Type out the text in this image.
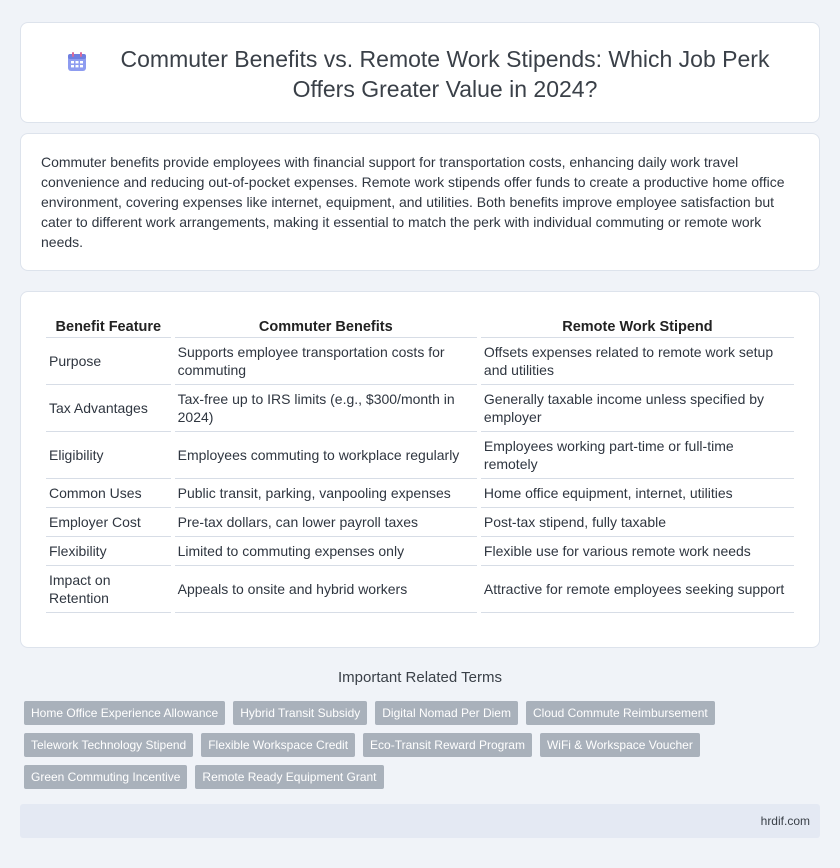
Commuter Benefits vs. Remote Work Stipends: Which Job Perk Offers Greater Value in 2024?

Commuter benefits provide employees with financial support for transportation costs, enhancing daily work travel convenience and reducing out-of-pocket expenses. Remote work stipends offer funds to create a productive home office environment, covering expenses like internet, equipment, and utilities. Both benefits improve employee satisfaction but cater to different work arrangements, making it essential to match the perk with individual commuting or remote work needs.

Benefit Feature	Commuter Benefits	Remote Work Stipend
Purpose	Supports employee transportation costs for commuting	Offsets expenses related to remote work setup and utilities
Tax Advantages	Tax-free up to IRS limits (e.g., $300/month in 2024)	Generally taxable income unless specified by employer
Eligibility	Employees commuting to workplace regularly	Employees working part-time or full-time remotely
Common Uses	Public transit, parking, vanpooling expenses	Home office equipment, internet, utilities
Employer Cost	Pre-tax dollars, can lower payroll taxes	Post-tax stipend, fully taxable
Flexibility	Limited to commuting expenses only	Flexible use for various remote work needs
Impact on Retention	Appeals to onsite and hybrid workers	Attractive for remote employees seeking support
Important Related Terms
Home Office Experience Allowance	Hybrid Transit Subsidy	Digital Nomad Per Diem	Cloud Commute Reimbursement
Telework Technology Stipend	Flexible Workspace Credit	Eco-Transit Reward Program	WiFi & Workspace Voucher
Green Commuting Incentive	Remote Ready Equipment Grant
hrdif.com
